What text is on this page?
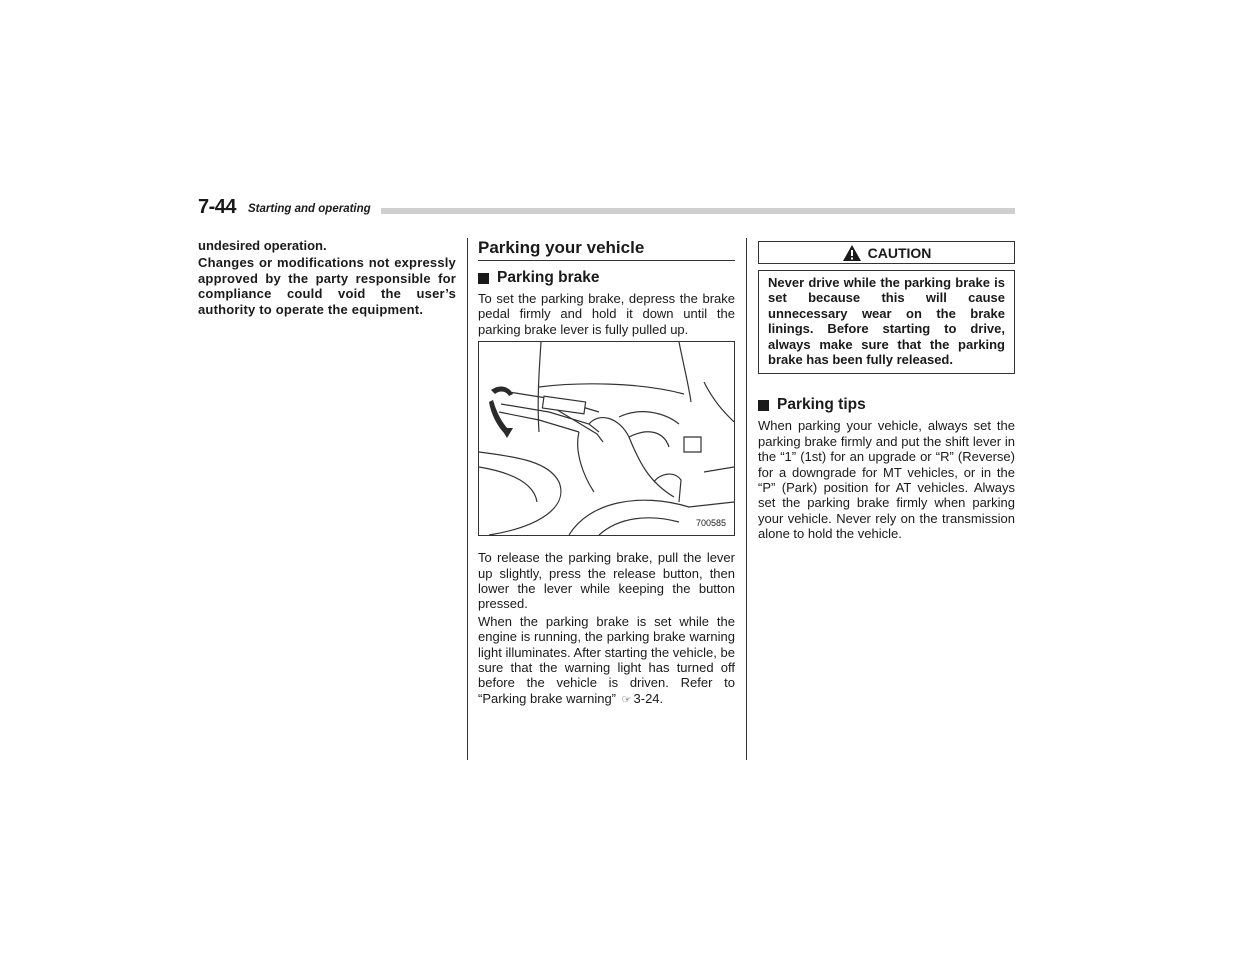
7-44 Starting and operating

undesired operation.

Changes or modifications not expressly approved by the party responsible for compliance could void the user’s authority to operate the equipment.

Parking your vehicle
Parking brake

To set the parking brake, depress the brake pedal firmly and hold it down until the parking brake lever is fully pulled up.

700585

To release the parking brake, pull the lever up slightly, press the release button, then lower the lever while keeping the button pressed.

When the parking brake is set while the engine is running, the parking brake warning light illuminates. After starting the vehicle, be sure that the warning light has turned off before the vehicle is driven. Refer to “Parking brake warning” ☞ 3-24.

CAUTION

Never drive while the parking brake is set because this will cause unnecessary wear on the brake linings. Before starting to drive, always make sure that the parking brake has been fully released.

Parking tips

When parking your vehicle, always set the parking brake firmly and put the shift lever in the “1” (1st) for an upgrade or “R” (Reverse) for a downgrade for MT vehicles, or in the “P” (Park) position for AT vehicles. Always set the parking brake firmly when parking your vehicle. Never rely on the transmission alone to hold the vehicle.
